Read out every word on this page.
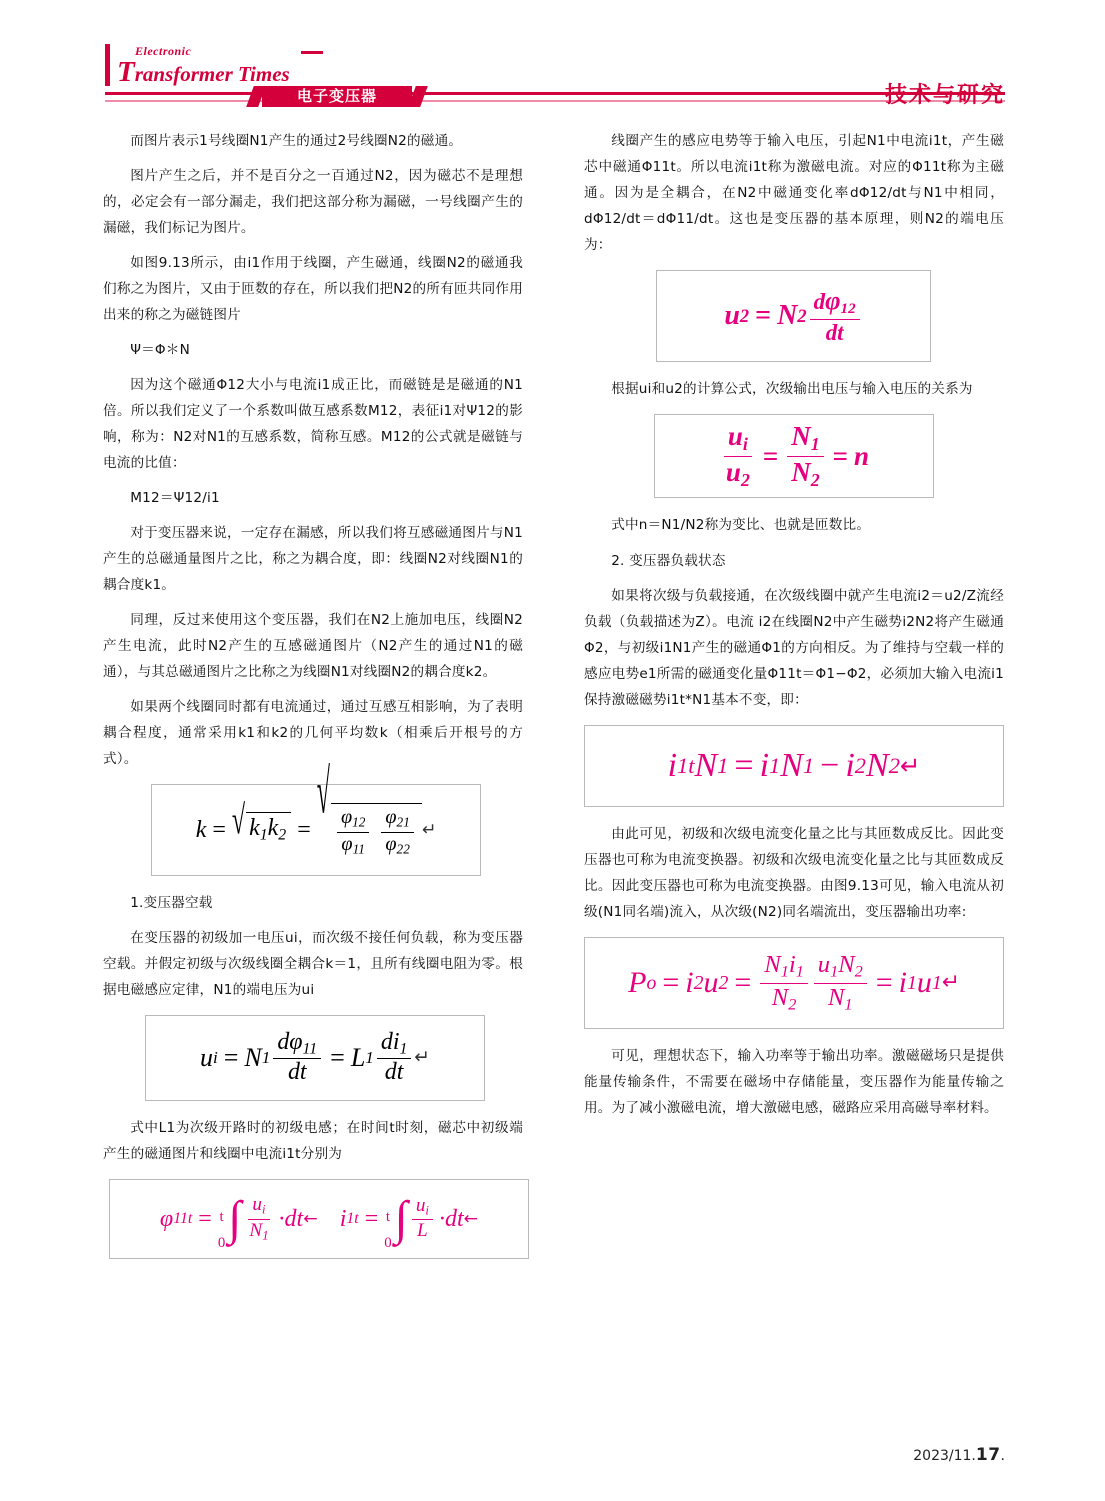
Electronic
Transformer Times
电子变压器	技术与研究

而图片表示1号线圈N1产生的通过2号线圈N2的磁通。

图片产生之后，并不是百分之一百通过N2，因为磁芯不是理想的，必定会有一部分漏走，我们把这部分称为漏磁，一号线圈产生的漏磁，我们标记为图片。

如图9.13所示，由i1作用于线圈，产生磁通，线圈N2的磁通我们称之为图片，又由于匝数的存在，所以我们把N2的所有匝共同作用出来的称之为磁链图片

Ψ＝Φ＊N

因为这个磁通Φ12大小与电流i1成正比，而磁链是是磁通的N1倍。所以我们定义了一个系数叫做互感系数M12，表征i1对Ψ12的影响，称为：N2对N1的互感系数，简称互感。M12的公式就是磁链与电流的比值：

M12＝Ψ12/i1

对于变压器来说，一定存在漏感，所以我们将互感磁通图片与N1产生的总磁通量图片之比，称之为耦合度，即：线圈N2对线圈N1的耦合度k1。

同理，反过来使用这个变压器，我们在N2上施加电压，线圈N2产生电流，此时N2产生的互感磁通图片（N2产生的通过N1的磁通），与其总磁通图片之比称之为线圈N1对线圈N2的耦合度k2。

如果两个线圈同时都有电流通过，通过互感互相影响，为了表明耦合程度，通常采用k1和k2的几何平均数k（相乘后开根号的方式）。

k = √ $k_1k_2$ =
√
$\frac{\varphi_{12}}{\varphi_{11}}$
$\frac{\varphi_{21}}{\varphi_{22}}$ ↵

1.变压器空载

在变压器的初级加一电压ui，而次级不接任何负载，称为变压器空载。并假定初级与次级线圈全耦合k＝1，且所有线圈电阻为零。根据电磁感应定律，N1的端电压为ui

u i = N $1 \frac{d\varphi_{11}}{dt} = L$ $1 \frac{di_1}{dt}$ ↵

式中L1为次级开路时的初级电感；在时间t时刻，磁芯中初级端产生的磁通图片和线圈中电流i1t分别为

φ 11t = t
0 ∫ $\frac{u_i}{N_1} \cdot dt$ ← i 1t = t
0 ∫ $\frac{u_i}{L} \cdot dt$ ←

线圈产生的感应电势等于输入电压，引起N1中电流i1t，产生磁芯中磁通Φ11t。所以电流i1t称为激磁电流。对应的Φ11t称为主磁通。因为是全耦合，在N2中磁通变化率dΦ12/dt与N1中相同，dΦ12/dt＝dΦ11/dt。这也是变压器的基本原理，则N2的端电压为：

u 2 = N $2 \frac{d\varphi_{12}}{dt}$

根据ui和u2的计算公式，次级输出电压与输入电压的关系为

$\frac{u_i}{u_2} = \frac{N_1}{N_2} = n$

式中n＝N1/N2称为变比、也就是匝数比。

2. 变压器负载状态

如果将次级与负载接通，在次级线圈中就产生电流i2＝u2/Z流经负载（负载描述为Z）。电流 i2在线圈N2中产生磁势i2N2将产生磁通Φ2，与初级i1N1产生的磁通Φ1的方向相反。为了维持与空载一样的感应电势e1所需的磁通变化量Φ11t＝Φ1−Φ2，必须加大输入电流i1保持激磁磁势i1t*N1基本不变，即：

i 1t N 1 = i 1 N 1 − i 2 N 2 ↵

由此可见，初级和次级电流变化量之比与其匝数成反比。因此变压器也可称为电流变换器。初级和次级电流变化量之比与其匝数成反比。因此变压器也可称为电流变换器。由图9.13可见，输入电流从初级(N1同名端)流入，从次级(N2)同名端流出，变压器输出功率:

P o = i 2 u $2 = \frac{N_1i_1}{N_2} \frac{u_1N_2}{N_1} = i$ 1 u 1 ↵

可见，理想状态下，输入功率等于输出功率。激磁磁场只是提供能量传输条件，不需要在磁场中存储能量，变压器作为能量传输之用。为了减小激磁电流，增大激磁电感，磁路应采用高磁导率材料。

2023/11.17.
